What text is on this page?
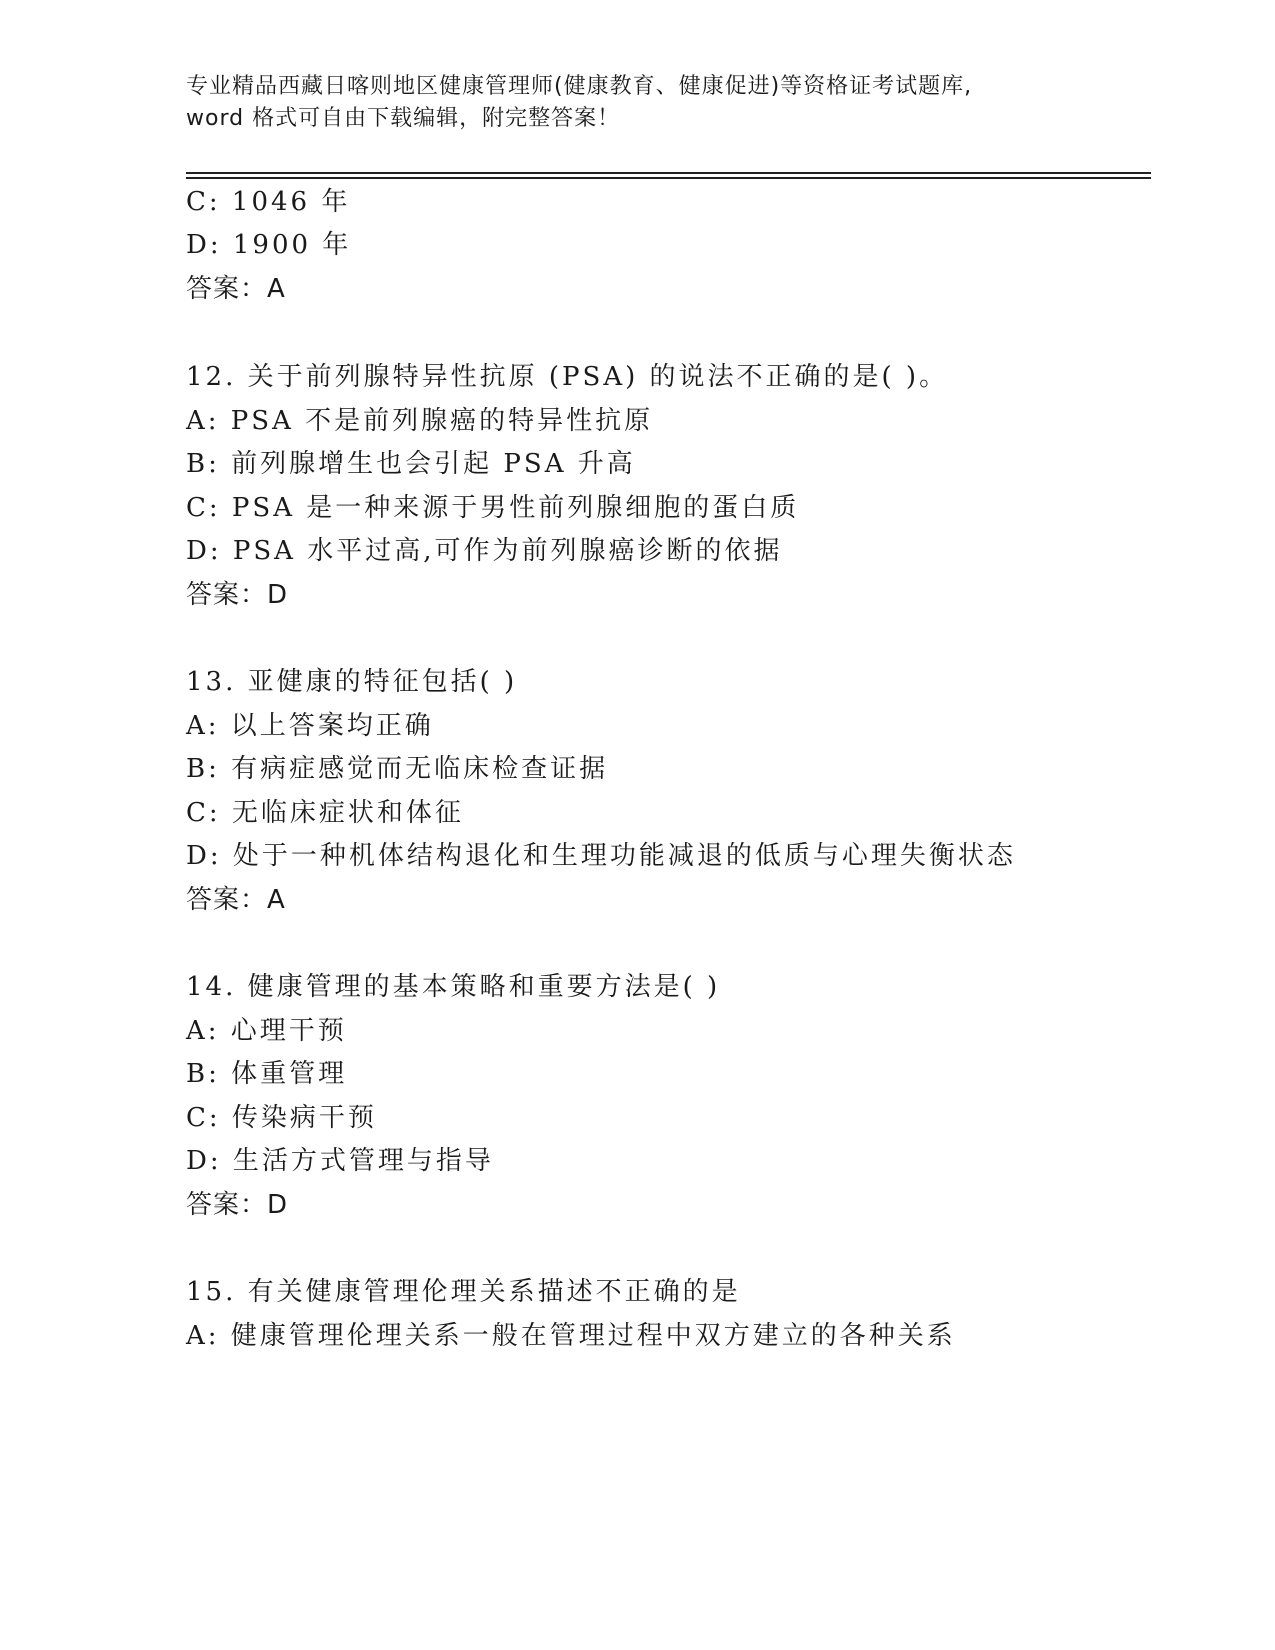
专业精品西藏日喀则地区健康管理师(健康教育、健康促进)等资格证考试题库,
word 格式可自由下载编辑，附完整答案！
C: 1046 年
D: 1900 年
答案：A
12. 关于前列腺特异性抗原 (PSA) 的说法不正确的是( )。
A: PSA 不是前列腺癌的特异性抗原
B: 前列腺增生也会引起 PSA 升高
C: PSA 是一种来源于男性前列腺细胞的蛋白质
D: PSA 水平过高,可作为前列腺癌诊断的依据
答案：D
13. 亚健康的特征包括( )
A: 以上答案均正确
B: 有病症感觉而无临床检查证据
C: 无临床症状和体征
D: 处于一种机体结构退化和生理功能减退的低质与心理失衡状态
答案：A
14. 健康管理的基本策略和重要方法是( )
A: 心理干预
B: 体重管理
C: 传染病干预
D: 生活方式管理与指导
答案：D
15. 有关健康管理伦理关系描述不正确的是
A: 健康管理伦理关系一般在管理过程中双方建立的各种关系
